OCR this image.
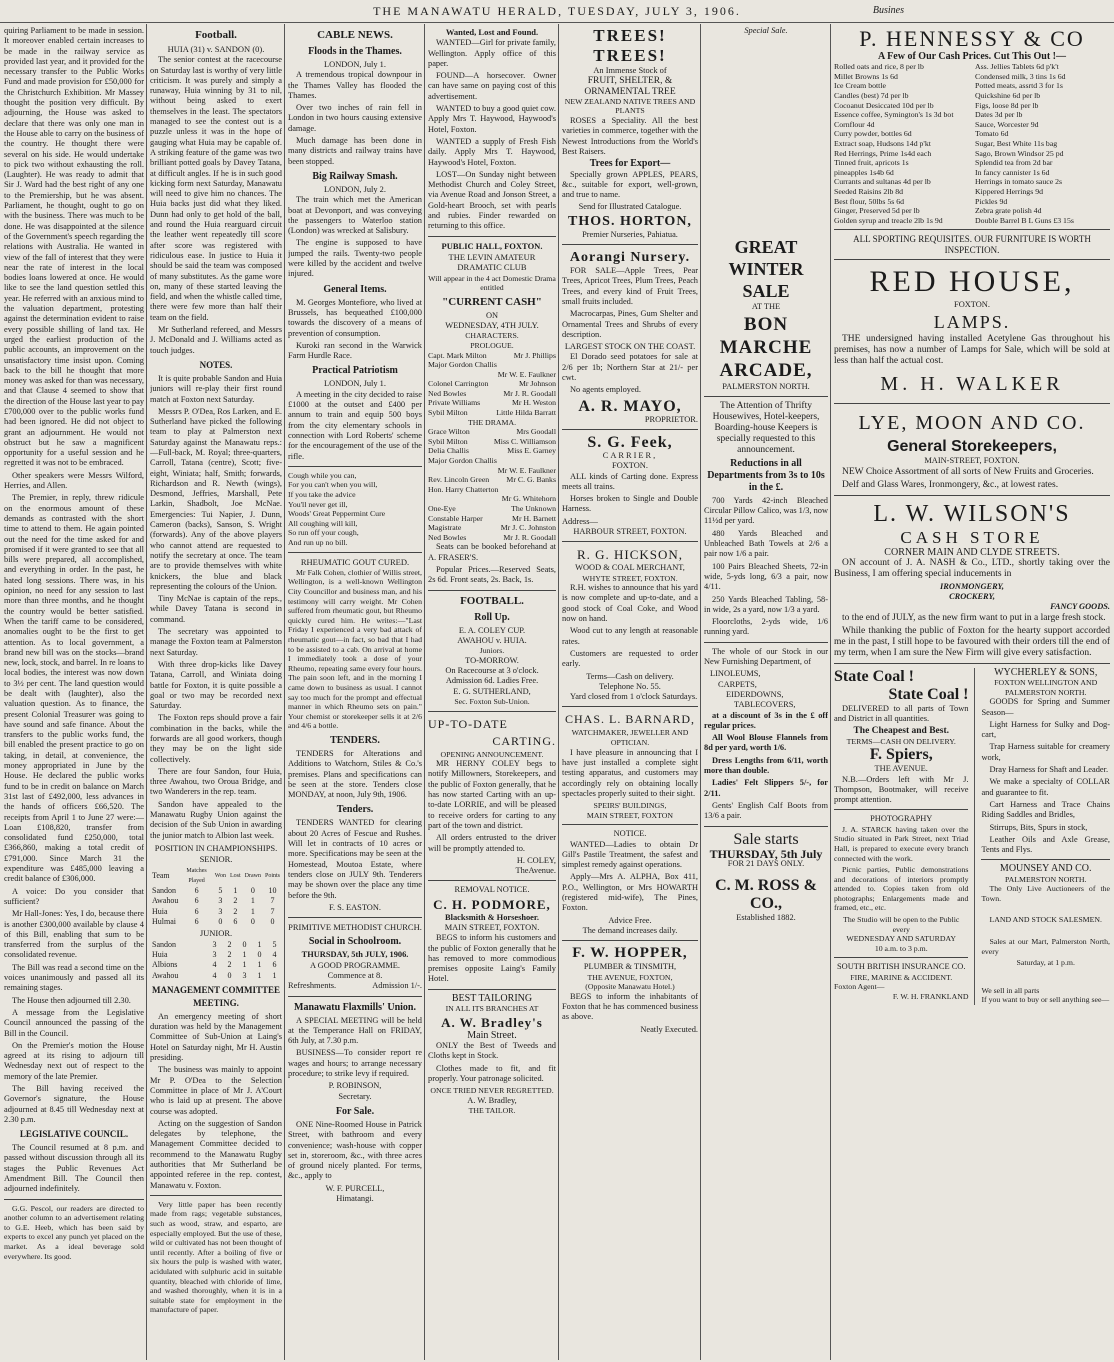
THE MANAWATU HERALD, TUESDAY, JULY 3, 1906.	Busines

quiring Parliament to be made in session. It moreover enabled certain increases to be made in the railway service as provided last year, and it provided for the necessary transfer to the Public Works Fund and made provision for £50,000 for the Christchurch Exhibition. Mr Massey thought the position very difficult. By adjourning, the House was asked to declare that there was only one man in the House able to carry on the business of the country. He thought there were several on his side. He would undertake to pick two without exhausting the roll. (Laughter). He was ready to admit that Sir J. Ward had the best right of any one to the Premiership, but he was absent. Parliament, he thought, ought to go on with the business. There was much to be done. He was disappointed at the silence of the Government's speech regarding the relations with Australia. He wanted in view of the fall of interest that they were near the rate of interest in the local bodies loans lowered at once. He would like to see the land question settled this year. He referred with an anxious mind to the valuation department, protesting against the determination evident to raise every possible shilling of land tax. He urged the earliest production of the public accounts, an improvement on the unsatisfactory time insist upon. Coming back to the bill he thought that more money was asked for than was necessary, and that Clause 4 seemed to show that the direction of the House last year to pay £700,000 over to the public works fund had been ignored. He did not object to grant an adjournment. He would not obstruct but he saw a magnificent opportunity for a useful session and he regretted it was not to be embraced.

Other speakers were Messrs Wilford, Herries, and Allen.

The Premier, in reply, threw ridicule on the enormous amount of these demands as contrasted with the short time to attend to them. He again pointed out the need for the time asked for and promised if it were granted to see that all bills were prepared, all accomplished, and everything in order. In the past, he hated long sessions. There was, in his opinion, no need for any session to last more than three months, and he thought the country would be better satisfied. When the tariff came to be considered, anomalies ought to be the first to get attention. As to local government, a brand new bill was on the stocks—brand new, lock, stock, and barrel. In re loans to local bodies, the interest was now down to 3½ per cent. The land question would be dealt with (laughter), also the valuation question. As to finance, the present Colonial Treasurer was going to have sound and safe finance. About the transfers to the public works fund, the bill enabled the present practice to go on taking, in detail, at convenience, the money appropriated in June by the House. He declared the public works fund to be in credit on balance on March 31st last of £492,000, less advances in the hands of officers £66,520. The receipts from April 1 to June 27 were:—Loan £108,820, transfer from consolidated fund £250,000, total £366,860, making a total credit of £791,000. Since March 31 the expenditure was £485,000 leaving a credit balance of £306,000.

A voice: Do you consider that sufficient?

Mr Hall-Jones: Yes, I do, because there is another £300,000 available by clause 4 of this Bill, enabling that sum to be transferred from the surplus of the consolidated revenue.

The Bill was read a second time on the voices unanimously and passed all its remaining stages.

The House then adjourned till 2.30.

A message from the Legislative Council announced the passing of the Bill in the Council.

On the Premier's motion the House agreed at its rising to adjourn till Wednesday next out of respect to the memory of the late Premier.

The Bill having received the Governor's signature, the House adjourned at 8.45 till Wednesday next at 2.30 p.m.

LEGISLATIVE COUNCIL.

The Council resumed at 8 p.m. and passed without discussion through all its stages the Public Revenues Act Amendment Bill. The Council then adjourned indefinitely.

G.G. Pescol, our readers are directed to another column to an advertisement relating to G.E. Heeb, which has been said by experts to excel any punch yet placed on the market. As a ideal beverage sold everywhere. Its good.

Football.
HUIA (31) v. SANDON (0).

The senior contest at the racecourse on Saturday last is worthy of very little criticism. It was purely and simply a runaway, Huia winning by 31 to nil, without being asked to exert themselves in the least. The spectators managed to see the contest out is a puzzle unless it was in the hope of gauging what Huia may be capable of. A striking feature of the game was two brilliant potted goals by Davey Tatana, at difficult angles. If he is in such good kicking form next Saturday, Manawatu will need to give him no chances. The Huia backs just did what they liked. Dunn had only to get hold of the ball, and round the Huia rearguard circuit the leather went repeatedly till score after score was registered with ridiculous ease. In justice to Huia it should be said the team was composed of many substitutes. As the game wore on, many of these started leaving the field, and when the whistle called time, there were few more than half their team on the field.

Mr Sutherland refereed, and Messrs J. McDonald and J. Williams acted as touch judges.

NOTES.

It is quite probable Sandon and Huia juniors will re-play their first round match at Foxton next Saturday.

Messrs P. O'Dea, Ros Larken, and E. Sutherland have picked the following team to play at Palmerston next Saturday against the Manawatu reps.:—Full-back, M. Royal; three-quarters, Carroll, Tatana (centre), Scott; five-eight, Winiata; half, Smith; forwards, Richardson and R. Newth (wings), Desmond, Jeffries, Marshall, Pete Larkin, Shadbolt, Joe McNae. Emergencies: Tui Napier, J. Dunn, Cameron (backs), Sanson, S. Wright (forwards). Any of the above players who cannot attend are requested to notify the secretary at once. The team are to provide themselves with white knickers, the blue and black representing the colours of the Union.

Tiny McNae is captain of the reps., while Davey Tatana is second in command.

The secretary was appointed to manage the Foxton team at Palmerston next Saturday.

With three drop-kicks like Davey Tatana, Carroll, and Winiata doing battle for Foxton, it is quite possible a goal or two may be recorded next Saturday.

The Foxton reps should prove a fair combination in the backs, while the forwards are all good workers, though they may be on the light side collectively.

There are four Sandon, four Huia, three Awahou, two Oroua Bridge, and two Wanderers in the rep. team.

Sandon have appealed to the Manawatu Rugby Union against the decision of the Sub Union in awarding the junior match to Albion last week.

POSITION IN CHAMPIONSHIPS.
SENIOR.
Team	Matches Played	Won	Lost	Drawn	Points
Sandon	6	5	1	0	10
Awahou	6	3	2	1	7
Huia	6	3	2	1	7
Hulmai	6	0	6	0	0
JUNIOR.
Sandon	3	2	0	1	5
Huia	3	2	1	0	4
Albions	4	2	1	1	6
Awahou	4	0	3	1	1
MANAGEMENT COMMITTEE MEETING.

An emergency meeting of short duration was held by the Management Committee of Sub-Union at Laing's Hotel on Saturday night, Mr H. Austin presiding.

The business was mainly to appoint Mr P. O'Dea to the Selection Committee in place of Mr J. A'Court who is laid up at present. The above course was adopted.

Acting on the suggestion of Sandon delegates by telephone, the Management Committee decided to recommend to the Manawatu Rugby authorities that Mr Sutherland be appointed referee in the rep. contest, Manawatu v. Foxton.

Very little paper has been recently made from rags; vegetable substances, such as wood, straw, and esparto, are especially employed. But the use of these, wild or cultivated has not been thought of until recently. After a boiling of five or six hours the pulp is washed with water, acidulated with sulphuric acid in suitable quantity, bleached with chloride of lime, and washed thoroughly, when it is in a suitable state for employment in the manufacture of paper.

CABLE NEWS.
Floods in the Thames.
LONDON, July 1.

A tremendous tropical downpour in the Thames Valley has flooded the Thames.

Over two inches of rain fell in London in two hours causing extensive damage.

Much damage has been done in many districts and railway trains have been stopped.

Big Railway Smash.
LONDON, July 2.

The train which met the American boat at Devonport, and was conveying the passengers to Waterloo station (London) was wrecked at Salisbury.

The engine is supposed to have jumped the rails. Twenty-two people were killed by the accident and twelve injured.

General Items.

M. Georges Montefiore, who lived at Brussels, has bequeathed £100,000 towards the discovery of a means of prevention of consumption.

Kuroki ran second in the Warwick Farm Hurdle Race.

Practical Patriotism
LONDON, July 1.

A meeting in the city decided to raise £1000 at the outset and £400 per annum to train and equip 500 boys from the city elementary schools in connection with Lord Roberts' scheme for the encouragement of the use of the rifle.

Cough while you can,
For you can't when you will,
If you take the advice
You'll never get ill,
Woods' Great Peppermint Cure
All coughing will kill,
So run off your cough,
And run up no bill.
RHEUMATIC GOUT CURED.

Mr Falk Cohen, clothier of Willis street, Wellington, is a well-known Wellington City Councillor and business man, and his testimony will carry weight. Mr Cohen suffered from rheumatic gout, but Rheumo quickly cured him. He writes:—"Last Friday I experienced a very bad attack of rheumatic gout—in fact, so bad that I had to be assisted to a cab. On arrival at home I immediately took a dose of your Rheumo, repeating same every four hours. The pain soon left, and in the morning I came down to business as usual. I cannot say too much for the prompt and effectual manner in which Rheumo sets on pain." Your chemist or storekeeper sells it at 2/6 and 4/6 a bottle.

TENDERS.

TENDERS for Alterations and Additions to Watchorn, Stiles & Co.'s premises. Plans and specifications can be seen at the store. Tenders close MONDAY, at noon, July 9th, 1906.

Tenders.

TENDERS WANTED for clearing about 20 Acres of Fescue and Rushes. Will let in contracts of 10 acres or more. Specifications may be seen at the Homestead, Moutoa Estate, where tenders close on JULY 9th. Tenderers may be shown over the place any time before the 9th.

F. S. EASTON.
PRIMITIVE METHODIST CHURCH.
Social in Schoolroom.
THURSDAY, 5th JULY, 1906.
A GOOD PROGRAMME.
Commence at 8.
Refreshments.	Admission 1/-.
Manawatu Flaxmills' Union.

A SPECIAL MEETING will be held at the Temperance Hall on FRIDAY, 6th July, at 7.30 p.m.

BUSINESS—To consider report re wages and hours; to arrange necessary procedure; to strike levy if required.

P. ROBINSON,
Secretary.
For Sale.

ONE Nine-Roomed House in Patrick Street, with bathroom and every convenience; wash-house with copper set in, storeroom, &c., with three acres of ground nicely planted. For terms, &c., apply to

W. F. PURCELL,
Himatangi.
Wanted, Lost and Found.

WANTED—Girl for private family, Wellington. Apply office of this paper.

FOUND—A horsecover. Owner can have same on paying cost of this advertisement.

WANTED to buy a good quiet cow. Apply Mrs T. Haywood, Haywood's Hotel, Foxton.

WANTED a supply of Fresh Fish daily. Apply Mrs T. Haywood, Haywood's Hotel, Foxton.

LOST—On Sunday night between Methodist Church and Coley Street, via Avenue Road and Jonson Street, a Gold-heart Brooch, set with pearls and rubies. Finder rewarded on returning to this office.

PUBLIC HALL, FOXTON.
THE LEVIN AMATEUR DRAMATIC CLUB
Will appear in the 4 act Domestic Drama entitled
"CURRENT CASH"
ON
WEDNESDAY, 4TH JULY.
CHARACTERS.
PROLOGUE.
Capt. Mark Milton	Mr J. Phillips
Major Gordon Challis
Mr W. E. Faulkner
Colonel Carrington	Mr Johnson
Ned Bowles	Mr J. R. Goodall
Private Williams	Mr H. Weston
Sybil Milton	Little Hilda Barratt
THE DRAMA.
Grace Wilton	Mrs Goodall
Sybil Milton	Miss C. Williamson
Delia Challis	Miss E. Garney
Major Gordon Challis
Mr W. E. Faulkner
Rev. Lincoln Green Mr C. G. Banks
Hon. Harry Chatterton
Mr G. Whitehorn
One-Eye	The Unknown
Constable Harper	Mr H. Barnett
Magistrate	Mr J. C. Johnston
Ned Bowles	Mr J. R. Goodall

Seats can be booked beforehand at A. FRASER'S.

Popular Prices.—Reserved Seats, 2s 6d. Front seats, 2s. Back, 1s.

FOOTBALL.
Roll Up.
E. A. COLEY CUP.
AWAHOU v. HUIA.
Juniors.
TO-MORROW.
On Racecourse at 3 o'clock.
Admission 6d. Ladies Free.
E. G. SUTHERLAND,
Sec. Foxton Sub-Union.
UP-TO-DATE
CARTING.
OPENING ANNOUNCEMENT.

MR HERNY COLEY begs to notify Millowners, Storekeepers, and the public of Foxton generally, that he has now started Carting with an up-to-date LORRIE, and will be pleased to receive orders for carting to any part of the town and district.

All orders entrusted to the driver will be promptly attended to.

H. COLEY,
TheAvenue.
REMOVAL NOTICE.
C. H. PODMORE,
Blacksmith & Horseshoer.
MAIN STREET, FOXTON.

BEGS to inform his customers and the public of Foxton generally that he has removed to more commodious premises opposite Laing's Family Hotel.

BEST TAILORING
IN ALL ITS BRANCHES AT
A. W. Bradley's
Main Street.

ONLY the Best of Tweeds and Cloths kept in Stock.

Clothes made to fit, and fit properly. Your patronage solicited.

ONCE TRIED NEVER REGRETTED.
A. W. Bradley,
THE TAILOR.
TREES! TREES!
An Immense Stock of
FRUIT, SHELTER, & ORNAMENTAL TREE
NEW ZEALAND NATIVE TREES AND PLANTS

ROSES a Speciality. All the best varieties in commerce, together with the Newest Introductions from the World's Best Raisers.

Trees for Export—

Specially grown APPLES, PEARS, &c., suitable for export, well-grown, and true to name.

Send for Illustrated Catalogue.
THOS. HORTON,
Premier Nurseries, Pahiatua.
Aorangi Nursery.

FOR SALE—Apple Trees, Pear Trees, Apricot Trees, Plum Trees, Peach Trees, and every kind of Fruit Trees, small fruits included.

Macrocarpas, Pines, Gum Shelter and Ornamental Trees and Shrubs of every description.

LARGEST STOCK ON THE COAST.

El Dorado seed potatoes for sale at 2/6 per 1b; Northern Star at 21/- per cwt.

No agents employed.

A. R. MAYO,
PROPRIETOR.
S. G. Feek,
CARRIER,
FOXTON.

ALL kinds of Carting done. Express meets all trains.

Horses broken to Single and Double Harness.

Address—
HARBOUR STREET, FOXTON.
R. G. HICKSON,
WOOD & COAL MERCHANT,
WHYTE STREET, FOXTON.

R.H. wishes to announce that his yard is now complete and up-to-date, and a good stock of Coal Coke, and Wood now on hand.

Wood cut to any length at reasonable rates.

Customers are requested to order early.

Terms—Cash on delivery.
Telephone No. 55.

Yard closed from 1 o'clock Saturdays.

CHAS. L. BARNARD,
WATCHMAKER, JEWELLER AND OPTICIAN.

I have pleasure in announcing that I have just installed a complete sight testing apparatus, and customers may accordingly rely on obtaining locally spectacles properly suited to their sight.

SPEIRS' BUILDINGS,
MAIN STREET, FOXTON
NOTICE.

WANTED—Ladies to obtain Dr Gill's Pastile Treatment, the safest and simplest remedy against operations.

Apply—Mrs A. ALPHA, Box 411, P.O., Wellington, or Mrs HOWARTH (registered mid-wife), The Pines, Foxton.

Advice Free.
The demand increases daily.
F. W. HOPPER,
PLUMBER & TINSMITH,
THE AVENUE, FOXTON,
(Opposite Manawatu Hotel.)

BEGS to inform the inhabitants of Foxton that he has commenced business as above.

Neatly Executed.
Special Sale.
GREAT WINTER SALE
AT THE
BON MARCHE ARCADE,
PALMERSTON NORTH.

The Attention of Thrifty Housewives, Hotel-keepers, Boarding-house Keepers is specially requested to this announcement.

Reductions in all Departments from 3s to 10s in the £.

700 Yards 42-inch Bleached Circular Pillow Calico, was 1/3, now 11½d per yard.

480 Yards Bleached and Unbleached Bath Towels at 2/6 a pair now 1/6 a pair.

100 Pairs Bleached Sheets, 72-in wide, 5-yds long, 6/3 a pair, now 4/11.

250 Yards Bleached Tabling, 58-in wide, 2s a yard, now 1/3 a yard.

Floorcloths, 2-yds wide, 1/6 running yard.

The whole of our Stock in our New Furnishing Department, of

LINOLEUMS,
CARPETS,
EIDERDOWNS,
TABLECOVERS,

at a discount of 3s in the £ off regular prices.

All Wool Blouse Flannels from 8d per yard, worth 1/6.

Dress Lengths from 6/11, worth more than double.

Ladies' Felt Slippers 5/-, for 2/11.

Gents' English Calf Boots from 13/6 a pair.

Sale starts
THURSDAY, 5th July
FOR 21 DAYS ONLY.
C. M. ROSS & CO.,
Established 1882.
P. HENNESSY & CO
A Few of Our Cash Prices. Cut This Out !—
Rolled oats and rice, 8 per lb
Millet Browns 1s 6d
Ice Cream bottle
Candles (best) 7d per lb
Cocoanut Desiccated 10d per lb
Essence coffee, Symington's 1s 3d bot
Cornflour 4d
Curry powder, bottles 6d
Extract soap, Hudsons 14d p'kt
Red Herrings, Prime 1s4d each
Tinned fruit, apricots 1s
pineapples 1s4b 6d
Currants and sultanas 4d per lb
Seeded Raisins 2lb 8d
Best flour, 50lbs 5s 6d
Ginger, Preserved 5d per lb
Golden syrup and treacle 2lb 1s 9d
Ass. Jellies Tablets 6d p'k't
Condensed milk, 3 tins 1s 6d
Potted meats, assrtd 3 for 1s
Quickshine 6d per lb
Figs, loose 8d per lb
Dates 3d per lb
Sauce, Worcester 9d
Tomato 6d
Sugar, Best White 11s bag
Sago, Brown Windsor 25 pd
Splendid tea from 2d bar
In fancy cannister 1s 6d
Herrings in tomato sauce 2s
Kippered Herrings 9d
Pickles 9d
Zebra grate polish 4d
Double Barrel B L Guns £3 15s
ALL SPORTING REQUISITES. OUR FURNITURE IS WORTH INSPECTION.
RED HOUSE,
FOXTON.
LAMPS.

THE undersigned having installed Acetylene Gas throughout his premises, has now a number of Lamps for Sale, which will be sold at less than half the actual cost.

M. H. WALKER
LYE, MOON AND CO.
General Storekeepers,
MAIN-STREET, FOXTON.

NEW Choice Assortment of all sorts of New Fruits and Groceries.

Delf and Glass Wares, Ironmongery, &c., at lowest rates.

L. W. WILSON'S
CASH STORE
CORNER MAIN AND CLYDE STREETS.

ON account of J. A. NASH & Co., LTD., shortly taking over the Business, I am offering special inducements in

IRONMONGERY,
CROCKERY,
FANCY GOODS.

to the end of JULY, as the new firm want to put in a large fresh stock.

While thanking the public of Foxton for the hearty support accorded me in the past, I still hope to be favoured with their orders till the end of my term, when I am sure the New Firm will give every satisfaction.

State Coal !
State Coal !

DELIVERED to all parts of Town and District in all quantities.

The Cheapest and Best.
TERMS—CASH ON DELIVERY.
F. Spiers,
THE AVENUE.

N.B.—Orders left with Mr J. Thompson, Bootmaker, will receive prompt attention.

PHOTOGRAPHY

J. A. STARCK having taken over the Studio situated in Park Street, next Triad Hall, is prepared to execute every branch connected with the work.

Picnic parties, Public demonstrations and decorations of interiors promptly attended to. Copies taken from old photographs; Enlargements made and framed, etc., etc.

The Studio will be open to the Public every
WEDNESDAY AND SATURDAY
10 a.m. to 3 p.m.
SOUTH BRITISH INSURANCE CO.
FIRE, MARINE & ACCIDENT.
Foxton Agent—
F. W. H. FRANKLAND
WYCHERLEY & SONS,
FOXTON WELLINGTON AND PALMERSTON NORTH.

GOODS for Spring and Summer Season—

Light Harness for Sulky and Dog-cart,

Trap Harness suitable for creamery work,

Dray Harness for Shaft and Leader.

We make a specialty of COLLAR and guarantee to fit.

Cart Harness and Trace Chains Riding Saddles and Bridles,

Stirrups, Bits, Spurs in stock,

Leather Oils and Axle Grease, Tents and Flys.

MOUNSEY AND CO.
PALMERSTON NORTH.

The Only Live Auctioneers of the Town.

LAND AND STOCK SALESMEN.

Sales at our Mart, Palmerston North, every

Saturday, at 1 p.m.
We sell in all parts
If you want to buy or sell anything see—
